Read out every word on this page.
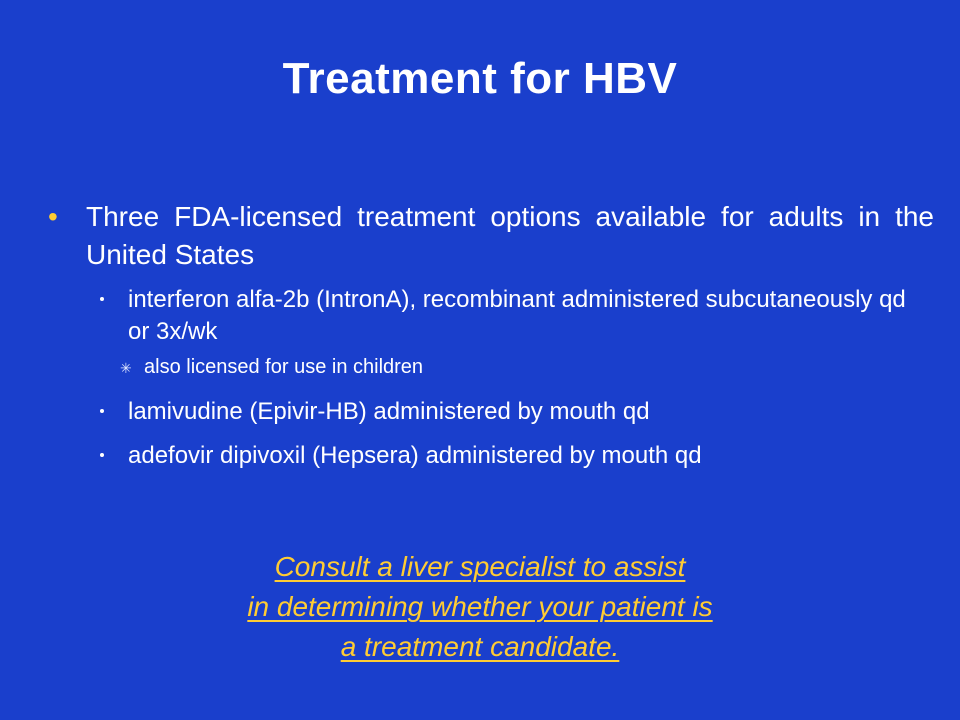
Treatment for HBV
• Three FDA-licensed treatment options available for adults in the United States
interferon alfa-2b (IntronA), recombinant administered subcutaneously qd or 3x/wk
✳ also licensed for use in children
lamivudine (Epivir-HB) administered by mouth qd
adefovir dipivoxil (Hepsera) administered by mouth qd
Consult a liver specialist to assist
in determining whether your patient is
a treatment candidate.
